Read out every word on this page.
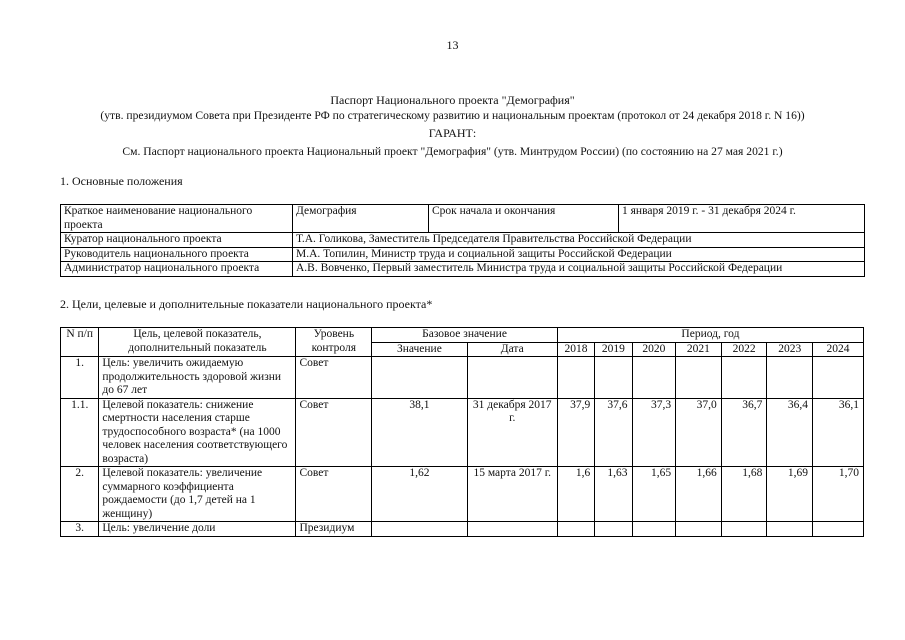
13
Паспорт Национального проекта "Демография"
(утв. президиумом Совета при Президенте РФ по стратегическому развитию и национальным проектам (протокол от 24 декабря 2018 г. N 16))
ГАРАНТ:
См. Паспорт национального проекта Национальный проект "Демография" (утв. Минтрудом России) (по состоянию на 27 мая 2021 г.)
1. Основные положения
Краткое наименование национального проекта	Демография	Срок начала и окончания	1 января 2019 г. - 31 декабря 2024 г.
Куратор национального проекта	Т.А. Голикова, Заместитель Председателя Правительства Российской Федерации		
Руководитель национального проекта	М.А. Топилин, Министр труда и социальной защиты Российской Федерации		
Администратор национального проекта	А.В. Вовченко, Первый заместитель Министра труда и социальной защиты Российской Федерации		
2. Цели, целевые и дополнительные показатели национального проекта*
N п/п	Цель, целевой показатель, дополнительный показатель	Уровень контроля	Базовое значение		Период, год						
			Значение	Дата	2018	2019	2020	2021	2022	2023	2024
1.	Цель: увеличить ожидаемую продолжительность здоровой жизни до 67 лет	Совет									
1.1.	Целевой показатель: снижение смертности населения старше трудоспособного возраста* (на 1000 человек населения соответствующего возраста)	Совет	38,1	31 декабря 2017 г.	37,9	37,6	37,3	37,0	36,7	36,4	36,1
2.	Целевой показатель: увеличение суммарного коэффициента рождаемости (до 1,7 детей на 1 женщину)	Совет	1,62	15 марта 2017 г.	1,6	1,63	1,65	1,66	1,68	1,69	1,70
3.	Цель: увеличение доли	Президиум									
